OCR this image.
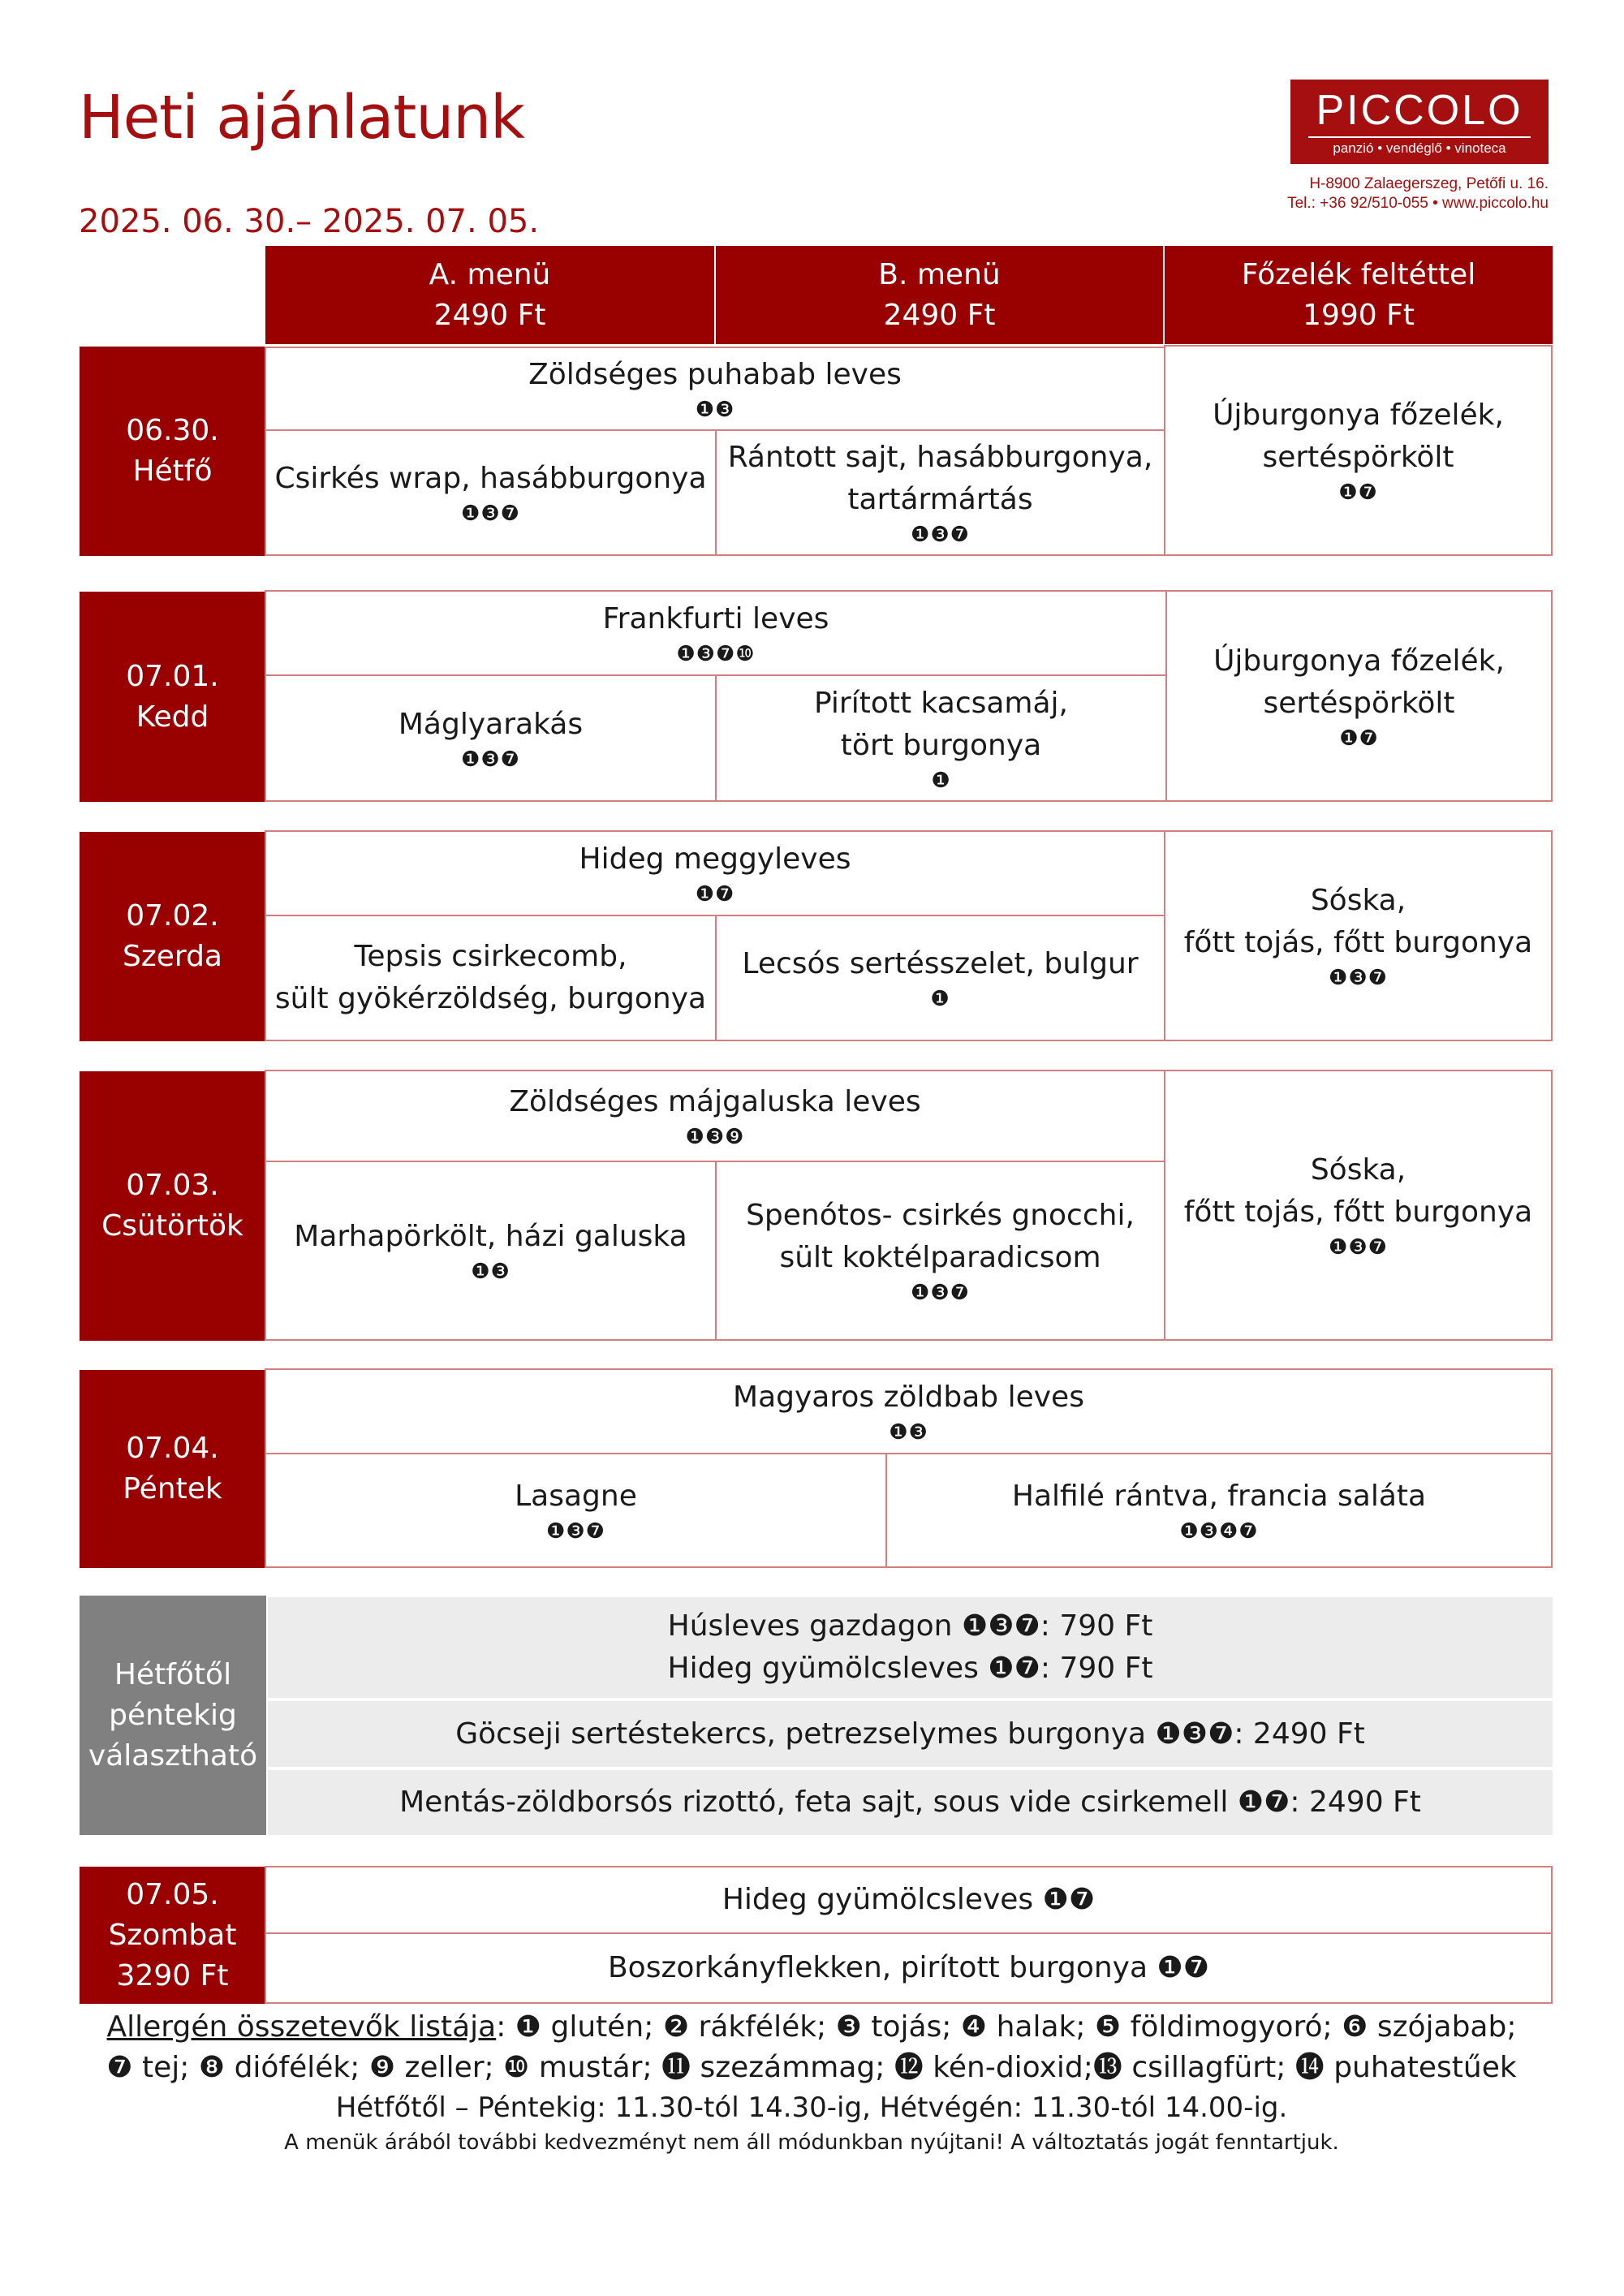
Heti ajánlatunk
2025. 06. 30.– 2025. 07. 05.
PICCOLO
panzió • vendéglő • vinoteca
H-8900 Zalaegerszeg, Petőfi u. 16.
Tel.: +36 92/510-055 • www.piccolo.hu
A. menü
2490 Ft
B. menü
2490 Ft
Főzelék feltéttel
1990 Ft
06.30.
Hétfő
Zöldséges puhabab leves
❶❸
Csirkés wrap, hasábburgonya
❶❸❼
Rántott sajt, hasábburgonya,
tartármártás
❶❸❼
Újburgonya főzelék,
sertéspörkölt
❶❼
07.01.
Kedd
Frankfurti leves
❶❸❼❿
Máglyarakás
❶❸❼
Pirított kacsamáj,
tört burgonya
❶
Újburgonya főzelék,
sertéspörkölt
❶❼
07.02.
Szerda
Hideg meggyleves
❶❼
Tepsis csirkecomb,
sült gyökérzöldség, burgonya
Lecsós sertésszelet, bulgur
❶
Sóska,
főtt tojás, főtt burgonya
❶❸❼
07.03.
Csütörtök
Zöldséges májgaluska leves
❶❸❾
Marhapörkölt, házi galuska
❶❸
Spenótos- csirkés gnocchi,
sült koktélparadicsom
❶❸❼
Sóska,
főtt tojás, főtt burgonya
❶❸❼
07.04.
Péntek
Magyaros zöldbab leves
❶❸
Lasagne
❶❸❼
Halfilé rántva, francia saláta
❶❸❹❼
Hétfőtől
péntekig
választható
Húsleves gazdagon ❶❸❼: 790 Ft
Hideg gyümölcsleves ❶❼: 790 Ft
Göcseji sertéstekercs, petrezselymes burgonya ❶❸❼: 2490 Ft
Mentás-zöldborsós rizottó, feta sajt, sous vide csirkemell ❶❼: 2490 Ft
07.05.
Szombat
3290 Ft
Hideg gyümölcsleves ❶❼
Boszorkányflekken, pirított burgonya ❶❼
Allergén összetevők listája: ❶ glutén; ❷ rákfélék; ❸ tojás; ❹ halak; ❺ földimogyoró; ❻ szójabab;
❼ tej; ❽ diófélék; ❾ zeller; ❿ mustár; ⓫ szezámmag; ⓬ kén-dioxid;⓭ csillagfürt; ⓮ puhatestűek
Hétfőtől – Péntekig: 11.30-tól 14.30-ig, Hétvégén: 11.30-tól 14.00-ig.
A menük árából további kedvezményt nem áll módunkban nyújtani! A változtatás jogát fenntartjuk.
